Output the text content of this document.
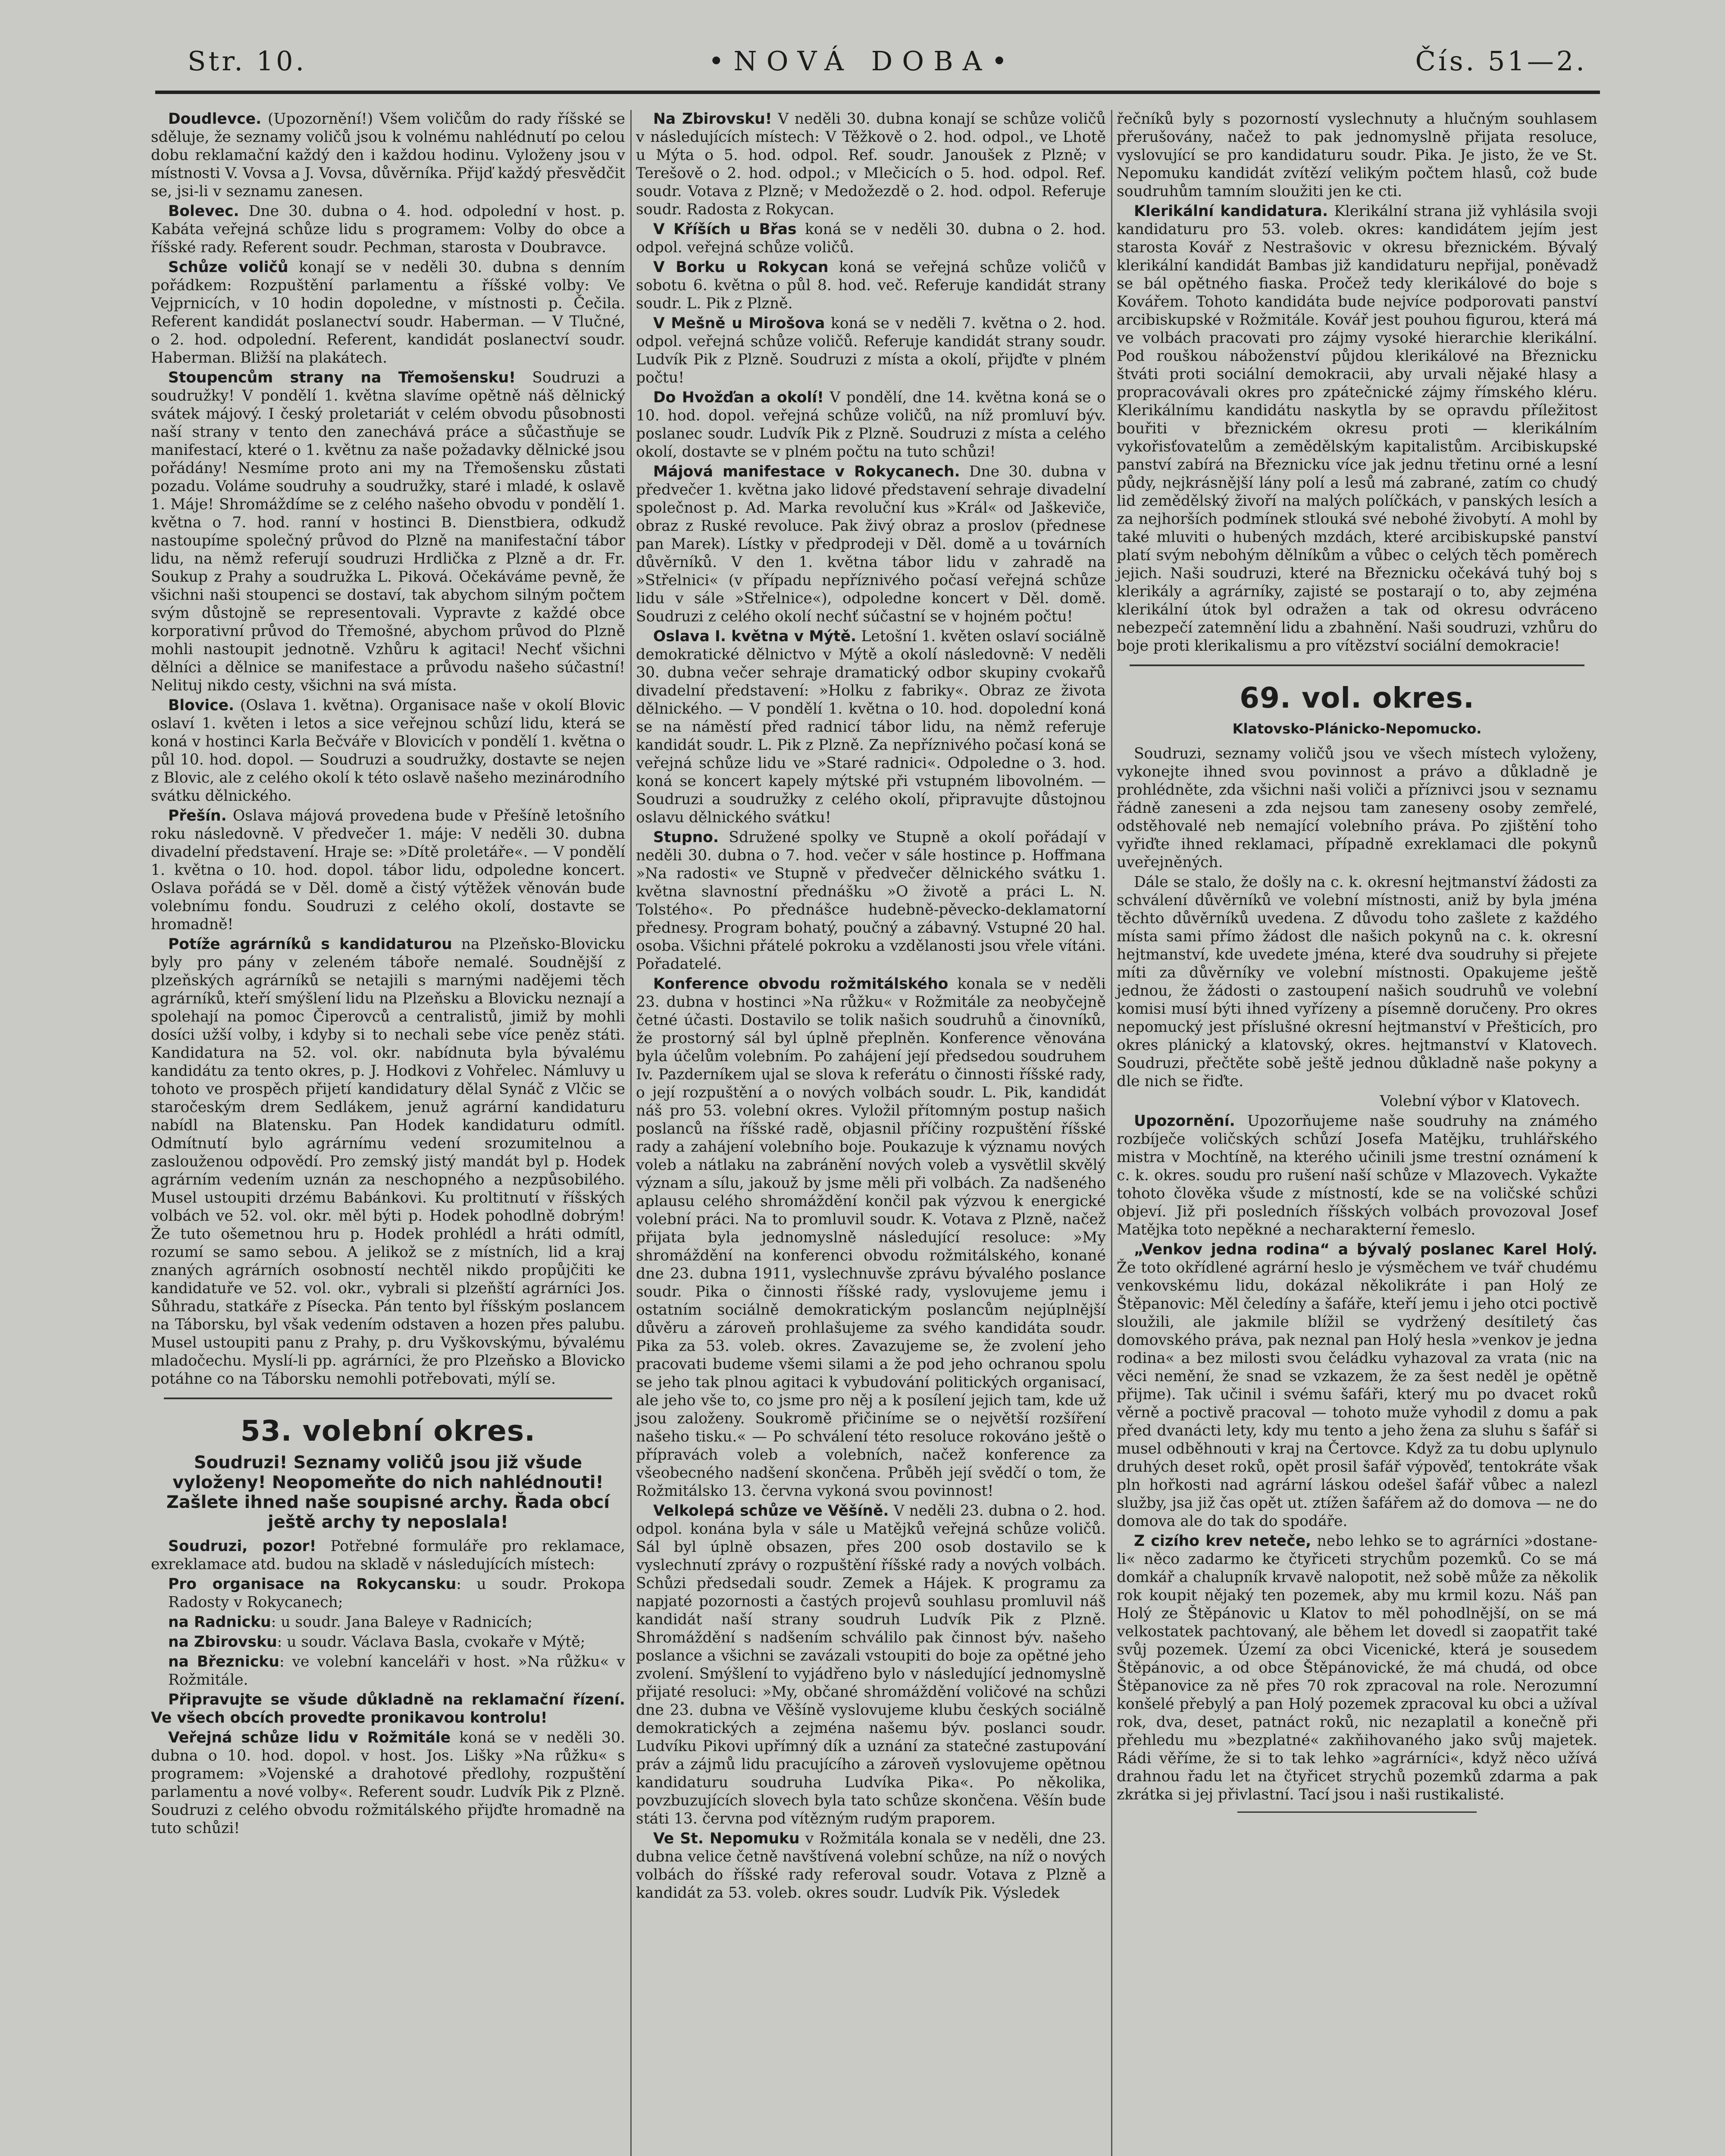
Str. 10.	•NOVÁ DOBA•	Čís. 51—2.

Doudlevce. (Upozornění!) Všem voličům do rady říšské se sděluje, že seznamy voličů jsou k volnému nahlédnutí po celou dobu reklamační každý den i každou hodinu. Vyloženy jsou v místnosti V. Vovsa a J. Vovsa, důvěrníka. Přijď každý přesvědčit se, jsi-li v seznamu zanesen.

Bolevec. Dne 30. dubna o 4. hod. odpolední v host. p. Kabáta veřejná schůze lidu s programem: Volby do obce a říšské rady. Referent soudr. Pechman, starosta v Doubravce.

Schůze voličů konají se v neděli 30. dubna s denním pořádkem: Rozpuštění parlamentu a říšské volby: Ve Vejprnicích, v 10 hodin dopoledne, v místnosti p. Čečila. Referent kandidát poslanectví soudr. Haberman. — V Tlučné, o 2. hod. odpolední. Referent, kandidát poslanectví soudr. Haberman. Bližší na plakátech.

Stoupencům strany na Třemošensku! Soudruzi a soudružky! V pondělí 1. května slavíme opětně náš dělnický svátek májový. I český proletariát v celém obvodu působnosti naší strany v tento den zanechává práce a sůčastňuje se manifestací, které o 1. květnu za naše požadavky dělnické jsou pořádány! Nesmíme proto ani my na Třemošensku zůstati pozadu. Voláme soudruhy a soudružky, staré i mladé, k oslavě 1. Máje! Shromáždíme se z celého našeho obvodu v pondělí 1. května o 7. hod. ranní v hostinci B. Dienstbiera, odkudž nastoupíme společný průvod do Plzně na manifestační tábor lidu, na němž referují soudruzi Hrdlička z Plzně a dr. Fr. Soukup z Prahy a soudružka L. Piková. Očekáváme pevně, že všichni naši stoupenci se dostaví, tak abychom silným počtem svým důstojně se representovali. Vypravte z každé obce korporativní průvod do Třemošné, abychom průvod do Plzně mohli nastoupit jednotně. Vzhůru k agitaci! Nechť všichni dělníci a dělnice se manifestace a průvodu našeho súčastní! Nelituj nikdo cesty, všichni na svá místa.

Blovice. (Oslava 1. května). Organisace naše v okolí Blovic oslaví 1. květen i letos a sice veřejnou schůzí lidu, která se koná v hostinci Karla Bečváře v Blovicích v pondělí 1. května o půl 10. hod. dopol. — Soudruzi a soudružky, dostavte se nejen z Blovic, ale z celého okolí k této oslavě našeho mezinárodního svátku dělnického.

Přešín. Oslava májová provedena bude v Přešíně letošního roku následovně. V předvečer 1. máje: V neděli 30. dubna divadelní představení. Hraje se: »Dítě proletáře«. — V pondělí 1. května o 10. hod. dopol. tábor lidu, odpoledne koncert. Oslava pořádá se v Děl. domě a čistý výtěžek věnován bude volebnímu fondu. Soudruzi z celého okolí, dostavte se hromadně!

Potíže agrárníků s kandidaturou na Plzeňsko-Blovicku byly pro pány v zeleném táboře nemalé. Soudnější z plzeňských agrárníků se netajili s marnými nadějemi těch agrárníků, kteří smýšlení lidu na Plzeňsku a Blovicku neznají a spolehají na pomoc Čiperovců a centralistů, jimiž by mohli dosíci užší volby, i kdyby si to nechali sebe více peněz státi. Kandidatura na 52. vol. okr. nabídnuta byla bývalému kandidátu za tento okres, p. J. Hodkovi z Vohřelec. Námluvy u tohoto ve prospěch přijetí kandidatury dělal Synáč z Vlčic se staročeským drem Sedlákem, jenuž agrární kandidaturu nabídl na Blatensku. Pan Hodek kandidaturu odmítl. Odmítnutí bylo agrárnímu vedení srozumitelnou a zaslouženou odpovědí. Pro zemský jistý mandát byl p. Hodek agrárním vedením uznán za neschopného a nezpůsobilého. Musel ustoupiti drzému Babánkovi. Ku proltitnutí v říšských volbách ve 52. vol. okr. měl býti p. Hodek pohodlně dobrým! Že tuto ošemetnou hru p. Hodek prohlédl a hráti odmítl, rozumí se samo sebou. A jelikož se z místních, lid a kraj znaných agrárních osobností nechtěl nikdo propůjčiti ke kandidatuře ve 52. vol. okr., vybrali si plzeňští agrárníci Jos. Sůhradu, statkáře z Písecka. Pán tento byl říšským poslancem na Táborsku, byl však vedením odstaven a hozen přes palubu. Musel ustoupiti panu z Prahy, p. dru Vyškovskýmu, bývalému mladočechu. Myslí-li pp. agrárníci, že pro Plzeňsko a Blovicko potáhne co na Táborsku nemohli potřebovati, mýlí se.

53. volební okres.
Soudruzi! Seznamy voličů jsou již všude vyloženy! Neopomeňte do nich nahlédnouti! Zašlete ihned naše soupisné archy. Řada obcí ještě archy ty neposlala!

Soudruzi, pozor! Potřebné formuláře pro reklamace, exreklamace atd. budou na skladě v následujících místech:

Pro organisace na Rokycansku: u soudr. Prokopa Radosty v Rokycanech;

na Radnicku: u soudr. Jana Baleye v Radnicích;

na Zbirovsku: u soudr. Václava Basla, cvokaře v Mýtě;

na Březnicku: ve volební kanceláři v host. »Na růžku« v Rožmitále.

Připravujte se všude důkladně na reklamační řízení. Ve všech obcích provedte pronikavou kontrolu!

Veřejná schůze lidu v Rožmitále koná se v neděli 30. dubna o 10. hod. dopol. v host. Jos. Lišky »Na růžku« s programem: »Vojenské a drahotové předlohy, rozpuštění parlamentu a nové volby«. Referent soudr. Ludvík Pik z Plzně. Soudruzi z celého obvodu rožmitálského přijďte hromadně na tuto schůzi!

Na Zbirovsku! V neděli 30. dubna konají se schůze voličů v následujících místech: V Těžkově o 2. hod. odpol., ve Lhotě u Mýta o 5. hod. odpol. Ref. soudr. Janoušek z Plzně; v Terešově o 2. hod. odpol.; v Mlečicích o 5. hod. odpol. Ref. soudr. Votava z Plzně; v Medožezdě o 2. hod. odpol. Referuje soudr. Radosta z Rokycan.

V Kříších u Břas koná se v neděli 30. dubna o 2. hod. odpol. veřejná schůze voličů.

V Borku u Rokycan koná se veřejná schůze voličů v sobotu 6. května o půl 8. hod. več. Referuje kandidát strany soudr. L. Pik z Plzně.

V Mešně u Mirošova koná se v neděli 7. května o 2. hod. odpol. veřejná schůze voličů. Referuje kandidát strany soudr. Ludvík Pik z Plzně. Soudruzi z místa a okolí, přijďte v plném počtu!

Do Hvožďan a okolí! V pondělí, dne 14. května koná se o 10. hod. dopol. veřejná schůze voličů, na níž promluví býv. poslanec soudr. Ludvík Pik z Plzně. Soudruzi z místa a celého okolí, dostavte se v plném počtu na tuto schůzi!

Májová manifestace v Rokycanech. Dne 30. dubna v předvečer 1. května jako lidové představení sehraje divadelní společnost p. Ad. Marka revoluční kus »Král« od Jaškeviče, obraz z Ruské revoluce. Pak živý obraz a proslov (přednese pan Marek). Lístky v předprodeji v Děl. domě a u továrních důvěrníků. V den 1. května tábor lidu v zahradě na »Střelnici« (v případu nepříznivého počasí veřejná schůze lidu v sále »Střelnice«), odpoledne koncert v Děl. domě. Soudruzi z celého okolí nechť súčastní se v hojném počtu!

Oslava I. května v Mýtě. Letošní 1. květen oslaví sociálně demokratické dělnictvo v Mýtě a okolí následovně: V neděli 30. dubna večer sehraje dramatický odbor skupiny cvokařů divadelní představení: »Holku z fabriky«. Obraz ze života dělnického. — V pondělí 1. května o 10. hod. dopolední koná se na náměstí před radnicí tábor lidu, na němž referuje kandidát soudr. L. Pik z Plzně. Za nepříznivého počasí koná se veřejná schůze lidu ve »Staré radnici«. Odpoledne o 3. hod. koná se koncert kapely mýtské při vstupném libovolném. — Soudruzi a soudružky z celého okolí, připravujte důstojnou oslavu dělnického svátku!

Stupno. Sdružené spolky ve Stupně a okolí pořádají v neděli 30. dubna o 7. hod. večer v sále hostince p. Hoffmana »Na radosti« ve Stupně v předvečer dělnického svátku 1. května slavnostní přednášku »O životě a práci L. N. Tolstého«. Po přednášce hudebně-pěvecko-deklamatorní přednesy. Program bohatý, poučný a zábavný. Vstupné 20 hal. osoba. Všichni přátelé pokroku a vzdělanosti jsou vřele vítáni. Pořadatelé.

Konference obvodu rožmitálského konala se v neděli 23. dubna v hostinci »Na růžku« v Rožmitále za neobyčejně četné účasti. Dostavilo se tolik našich soudruhů a činovníků, že prostorný sál byl úplně přeplněn. Konference věnována byla účelům volebním. Po zahájení její předsedou soudruhem Iv. Pazderníkem ujal se slova k referátu o činnosti říšské rady, o její rozpuštění a o nových volbách soudr. L. Pik, kandidát náš pro 53. volební okres. Vyložil přítomným postup našich poslanců na říšské radě, objasnil příčiny rozpuštění říšské rady a zahájení volebního boje. Poukazuje k významu nových voleb a nátlaku na zabránění nových voleb a vysvětlil skvělý význam a sílu, jakouž by jsme měli při volbách. Za nadšeného aplausu celého shromáždění končil pak výzvou k energické volební práci. Na to promluvil soudr. K. Votava z Plzně, načež přijata byla jednomyslně následující resoluce: »My shromáždění na konferenci obvodu rožmitálského, konané dne 23. dubna 1911, vyslechnuvše zprávu bývalého poslance soudr. Pika o činnosti říšské rady, vyslovujeme jemu i ostatním sociálně demokratickým poslancům nejúplnější důvěru a zároveň prohlašujeme za svého kandidáta soudr. Pika za 53. voleb. okres. Zavazujeme se, že zvolení jeho pracovati budeme všemi silami a že pod jeho ochranou spolu se jeho tak plnou agitaci k vybudování politických organisací, ale jeho vše to, co jsme pro něj a k posílení jejich tam, kde už jsou založeny. Soukromě přičiníme se o největší rozšíření našeho tisku.« — Po schválení této resoluce rokováno ještě o přípravách voleb a volebních, načež konference za všeobecného nadšení skončena. Průběh její svědčí o tom, že Rožmitálsko 13. června vykoná svou povinnost!

Velkolepá schůze ve Věšíně. V neděli 23. dubna o 2. hod. odpol. konána byla v sále u Matějků veřejná schůze voličů. Sál byl úplně obsazen, přes 200 osob dostavilo se k vyslechnutí zprávy o rozpuštění říšské rady a nových volbách. Schůzi předsedali soudr. Zemek a Hájek. K programu za napjaté pozornosti a častých projevů souhlasu promluvil náš kandidát naší strany soudruh Ludvík Pik z Plzně. Shromáždění s nadšením schválilo pak činnost býv. našeho poslance a všichni se zavázali vstoupiti do boje za opětné jeho zvolení. Smýšlení to vyjádřeno bylo v následující jednomyslně přijaté resoluci: »My, občané shromáždění voličové na schůzi dne 23. dubna ve Věšíně vyslovujeme klubu českých sociálně demokratických a zejména našemu býv. poslanci soudr. Ludvíku Pikovi upřímný dík a uznání za statečné zastupování práv a zájmů lidu pracujícího a zároveň vyslovujeme opětnou kandidaturu soudruha Ludvíka Pika«. Po několika, povzbuzujících slovech byla tato schůze skončena. Věšín bude státi 13. června pod vítězným rudým praporem.

Ve St. Nepomuku v Rožmitála konala se v neděli, dne 23. dubna velice četně navštívená volební schůze, na níž o nových volbách do říšské rady referoval soudr. Votava z Plzně a kandidát za 53. voleb. okres soudr. Ludvík Pik. Výsledek

řečníků byly s pozorností vyslechnuty a hlučným souhlasem přerušovány, načež to pak jednomyslně přijata resoluce, vyslovující se pro kandidaturu soudr. Pika. Je jisto, že ve St. Nepomuku kandidát zvítězí velikým počtem hlasů, což bude soudruhům tamním sloužiti jen ke cti.

Klerikální kandidatura. Klerikální strana již vyhlásila svoji kandidaturu pro 53. voleb. okres: kandidátem jejím jest starosta Kovář z Nestrašovic v okresu březnickém. Bývalý klerikální kandidát Bambas již kandidaturu nepřijal, poněvadž se bál opětného fiaska. Pročež tedy klerikálové do boje s Kovářem. Tohoto kandidáta bude nejvíce podporovati panství arcibiskupské v Rožmitále. Kovář jest pouhou figurou, která má ve volbách pracovati pro zájmy vysoké hierarchie klerikální. Pod rouškou náboženství půjdou klerikálové na Březnicku štváti proti sociální demokracii, aby urvali nějaké hlasy a propracovávali okres pro zpátečnické zájmy římského kléru. Klerikálnímu kandidátu naskytla by se opravdu příležitost bouřiti v březnickém okresu proti — klerikálním vykořisťovatelům a zemědělským kapitalistům. Arcibiskupské panství zabírá na Březnicku více jak jednu třetinu orné a lesní půdy, nejkrásnější lány polí a lesů má zabrané, zatím co chudý lid zemědělský živoří na malých políčkách, v panských lesích a za nejhorších podmínek stlouká své nebohé živobytí. A mohl by také mluviti o hubených mzdách, které arcibiskupské panství platí svým nebohým dělníkům a vůbec o celých těch poměrech jejich. Naši soudruzi, které na Březnicku očekává tuhý boj s klerikály a agrárníky, zajisté se postarají o to, aby zejména klerikální útok byl odražen a tak od okresu odvráceno nebezpečí zatemnění lidu a zbahnění. Naši soudruzi, vzhůru do boje proti klerikalismu a pro vítězství sociální demokracie!

69. vol. okres.
Klatovsko-Plánicko-Nepomucko.

Soudruzi, seznamy voličů jsou ve všech místech vyloženy, vykonejte ihned svou povinnost a právo a důkladně je prohlédněte, zda všichni naši voliči a příznivci jsou v seznamu řádně zaneseni a zda nejsou tam zaneseny osoby zemřelé, odstěhovalé neb nemající volebního práva. Po zjištění toho vyřiďte ihned reklamaci, případně exreklamaci dle pokynů uveřejněných.

Dále se stalo, že došly na c. k. okresní hejtmanství žádosti za schválení důvěrníků ve volební místnosti, aniž by byla jména těchto důvěrníků uvedena. Z důvodu toho zašlete z každého místa sami přímo žádost dle našich pokynů na c. k. okresní hejtmanství, kde uvedete jména, které dva soudruhy si přejete míti za důvěrníky ve volební místnosti. Opakujeme ještě jednou, že žádosti o zastoupení našich soudruhů ve volební komisi musí býti ihned vyřízeny a písemně doručeny. Pro okres nepomucký jest příslušné okresní hejtmanství v Přešticích, pro okres plánický a klatovský, okres. hejtmanství v Klatovech. Soudruzi, přečtěte sobě ještě jednou důkladně naše pokyny a dle nich se řiďte.

Volební výbor v Klatovech.

Upozornění. Upozorňujeme naše soudruhy na známého rozbíječe voličských schůzí Josefa Matějku, truhlářského mistra v Mochtíně, na kterého učinili jsme trestní oznámení k c. k. okres. soudu pro rušení naší schůze v Mlazovech. Vykažte tohoto člověka všude z místností, kde se na voličské schůzi objeví. Již při posledních říšských volbách provozoval Josef Matějka toto nepěkné a necharakterní řemeslo.

„Venkov jedna rodina“ a bývalý poslanec Karel Holý. Že toto okřídlené agrární heslo je výsměchem ve tvář chudému venkovskému lidu, dokázal několikráte i pan Holý ze Štěpanovic: Měl čeledíny a šafáře, kteří jemu i jeho otci poctivě sloužili, ale jakmile blížil se vydržený desítiletý čas domovského práva, pak neznal pan Holý hesla »venkov je jedna rodina« a bez milosti svou čeládku vyhazoval za vrata (nic na věci nemění, že snad se vzkazem, že za šest neděl je opětně přijme). Tak učinil i svému šafáři, který mu po dvacet roků věrně a poctivě pracoval — tohoto muže vyhodil z domu a pak před dvanácti lety, kdy mu tento a jeho žena za sluhu s šafář si musel odběhnouti v kraj na Čertovce. Když za tu dobu uplynulo druhých deset roků, opět prosil šafář výpověď, tentokráte však pln hořkosti nad agrární láskou odešel šafář vůbec a nalezl služby, jsa již čas opět ut. ztížen šafářem až do domova — ne do domova ale do tak do spodáře.

Z cizího krev neteče, nebo lehko se to agrárníci »dostane-li« něco zadarmo ke čtyřiceti strychům pozemků. Co se má domkář a chalupník krvavě nalopotit, než sobě může za několik rok koupit nějaký ten pozemek, aby mu krmil kozu. Náš pan Holý ze Štěpánovic u Klatov to měl pohodlnější, on se má velkostatek pachtovaný, ale během let dovedl si zaopatřit také svůj pozemek. Území za obci Vicenické, která je sousedem Štěpánovic, a od obce Štěpánovické, že má chudá, od obce Štěpanovice za ně přes 70 rok zpracoval na role. Nerozumní konšelé přebylý a pan Holý pozemek zpracoval ku obci a užíval rok, dva, deset, patnáct roků, nic nezaplatil a konečně při přehledu mu »bezplatné« zakňihovaného jako svůj majetek. Rádi věříme, že si to tak lehko »agrárníci«, když něco užívá drahnou řadu let na čtyřicet strychů pozemků zdarma a pak zkrátka si jej přivlastní. Tací jsou i naši rustikalisté.
